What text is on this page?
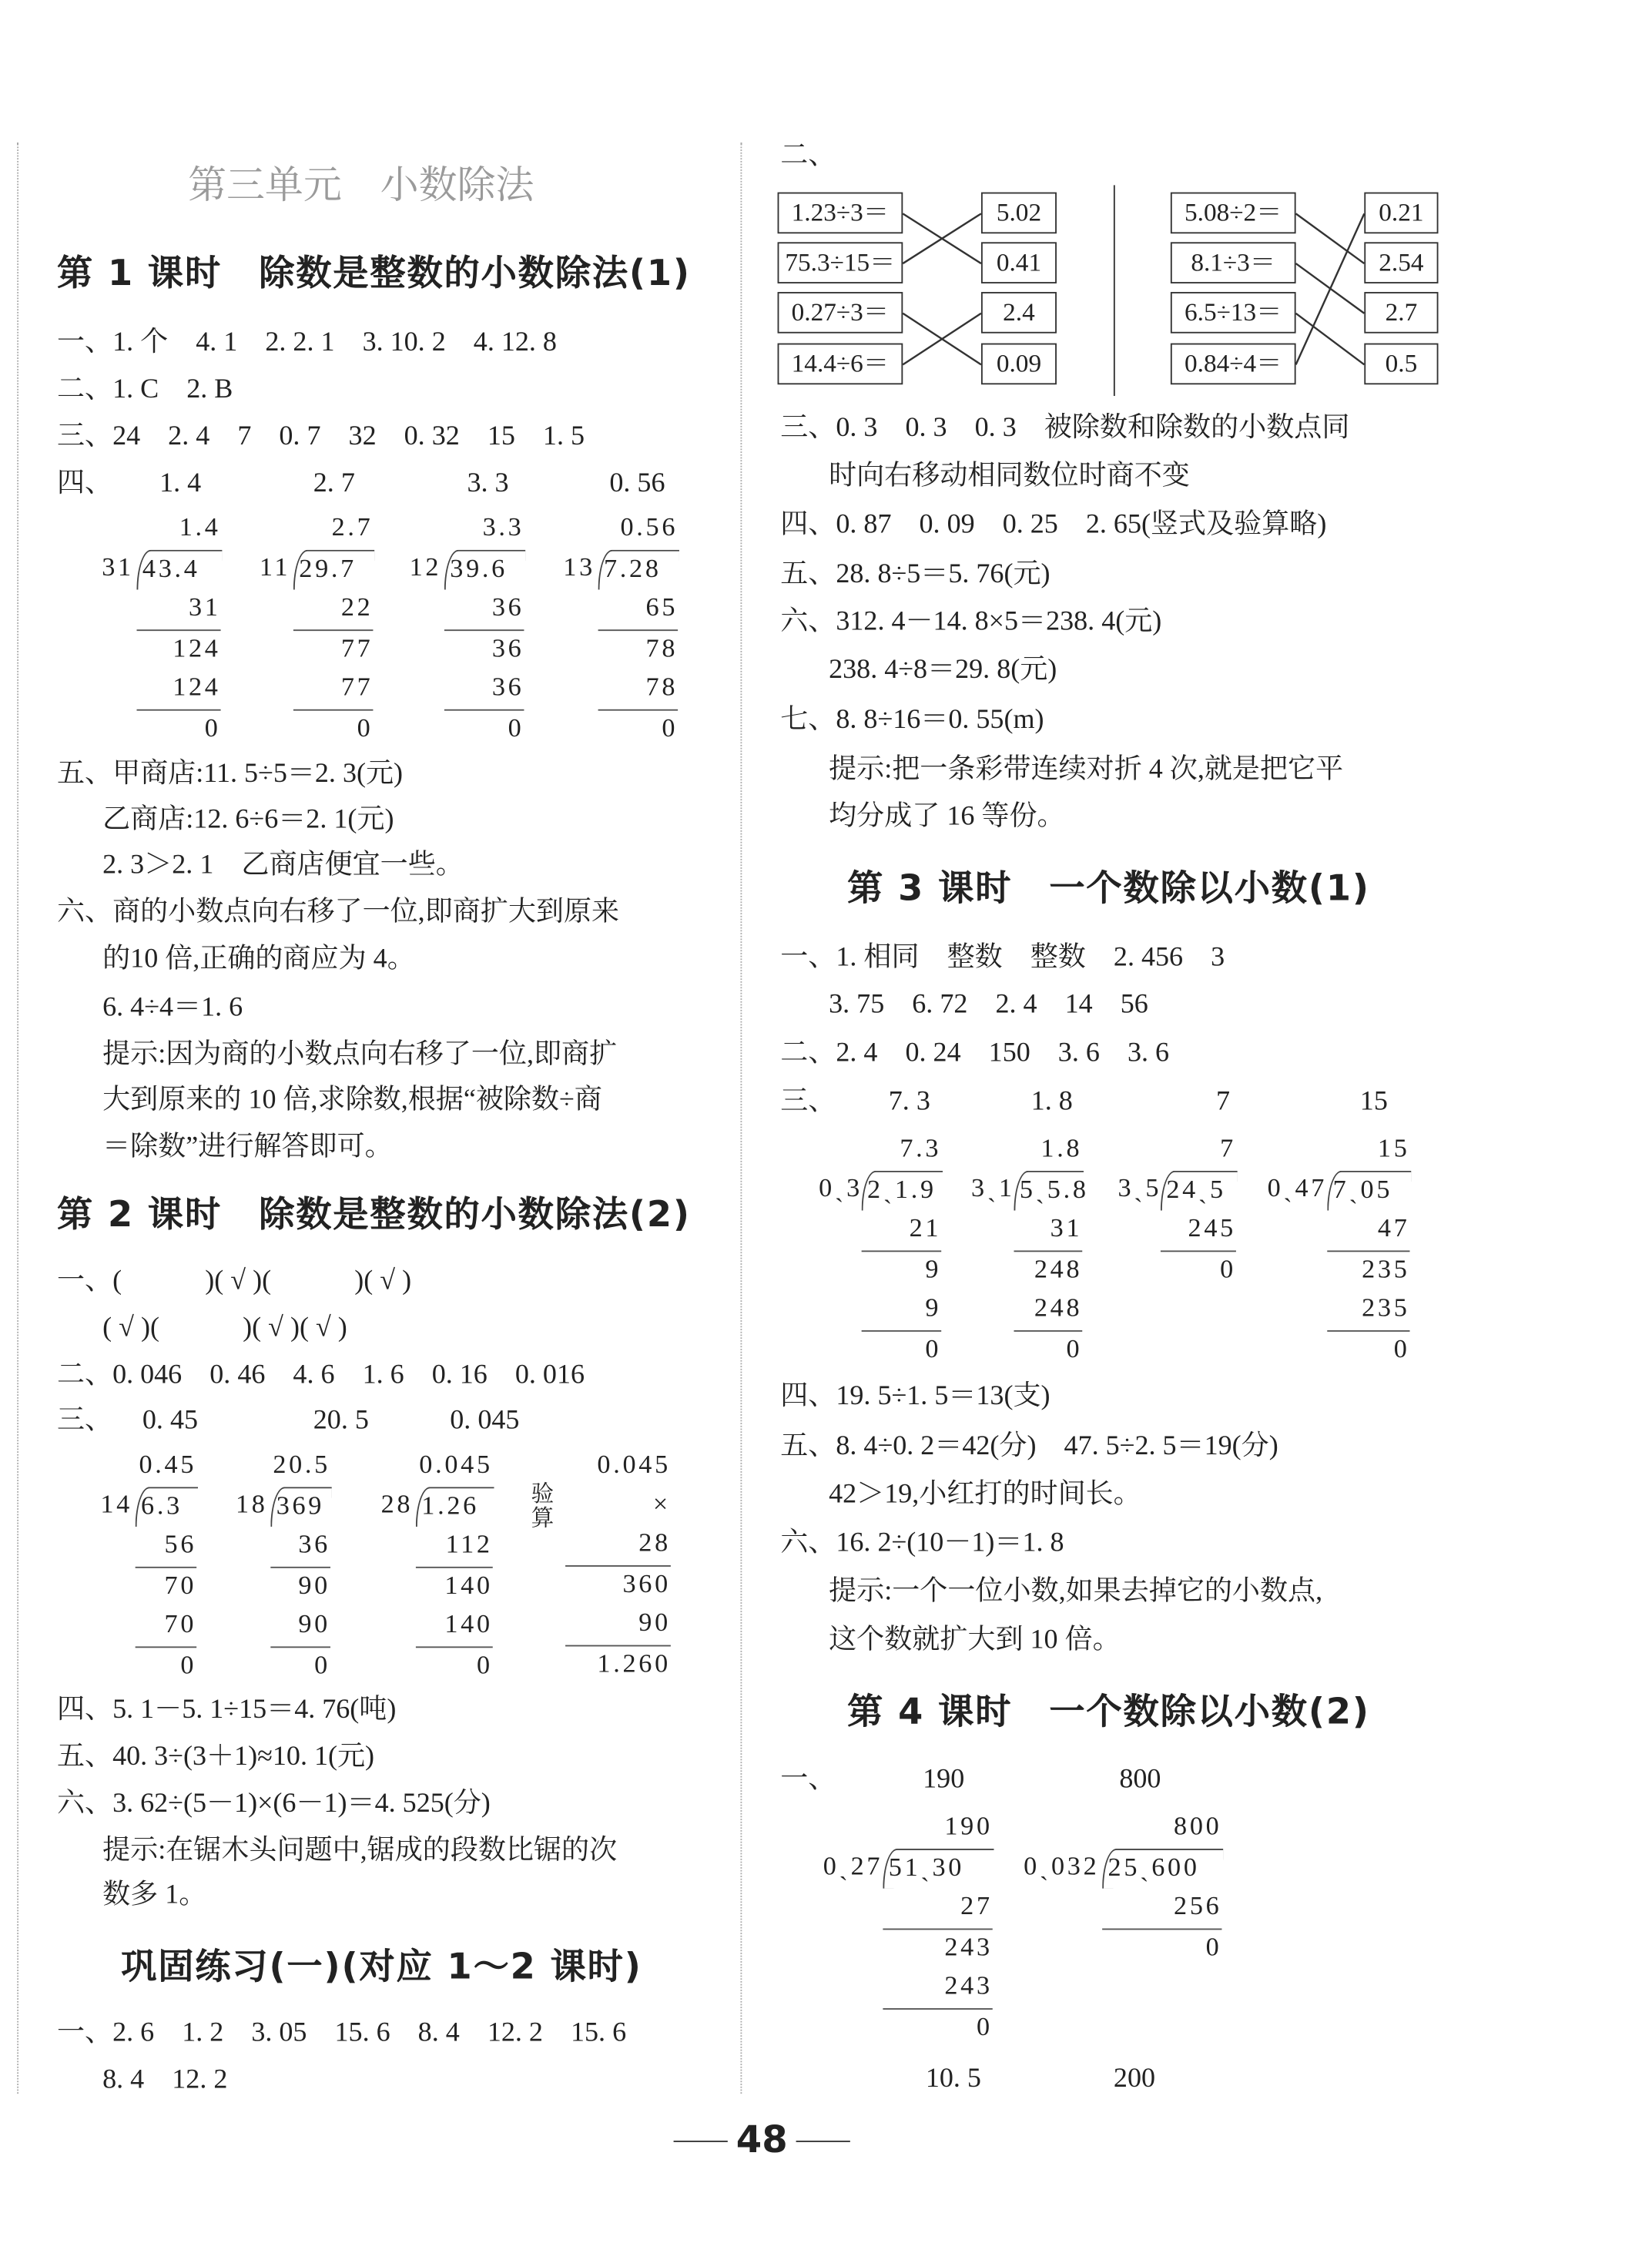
第三单元　小数除法
第 1 课时　除数是整数的小数除法(1)
一、1. 个　4. 1　2. 2. 1　3. 10. 2　4. 12. 8
二、1. C　2. B
三、24　2. 4　7　0. 7　32　0. 32　15　1. 5
四、	1. 4	2. 7	3. 3	0. 56
1.4
31 43.4
31
124
124
0
2.7
11 29.7
22
77
77
0
3.3
12 39.6
36
36
36
0
0.56
13 7.28
65
78
78
0
五、甲商店:11. 5÷5＝2. 3(元)
乙商店:12. 6÷6＝2. 1(元)
2. 3＞2. 1　乙商店便宜一些。
六、商的小数点向右移了一位,即商扩大到原来
的10 倍,正确的商应为 4。
6. 4÷4＝1. 6
提示:因为商的小数点向右移了一位,即商扩
大到原来的 10 倍,求除数,根据“被除数÷商
＝除数”进行解答即可。
第 2 课时　除数是整数的小数除法(2)
一、(　　　)( √ )(　　　)( √ )
( √ )(　　　)( √ )( √ )
二、0. 046　0. 46　4. 6　1. 6　0. 16　0. 016
三、 0. 45	20. 5	0. 045
0.45
14 6.3
56
70
70
0
20.5
18 369
36
90
90
0
0.045
28 1.26
112
140
140
0
验算
0.045
×　　28
360
90
1.260
四、5. 1－5. 1÷15＝4. 76(吨)
五、40. 3÷(3＋1)≈10. 1(元)
六、3. 62÷(5－1)×(6－1)＝4. 525(分)
提示:在锯木头问题中,锯成的段数比锯的次
数多 1。
巩固练习(一)(对应 1～2 课时)
一、2. 6　1. 2　3. 05　15. 6　8. 4　12. 2　15. 6
8. 4　12. 2
二、
1.23÷3＝
75.3÷15＝
0.27÷3＝
14.4÷6＝
5.02
0.41
2.4
0.09
5.08÷2＝
8.1÷3＝
6.5÷13＝
0.84÷4＝
0.21
2.54
2.7
0.5
三、0. 3　0. 3　0. 3　被除数和除数的小数点同
时向右移动相同数位时商不变
四、0. 87　0. 09　0. 25　2. 65(竖式及验算略)
五、28. 8÷5＝5. 76(元)
六、312. 4－14. 8×5＝238. 4(元)
238. 4÷8＝29. 8(元)
七、8. 8÷16＝0. 55(m)
提示:把一条彩带连续对折 4 次,就是把它平
均分成了 16 等份。
第 3 课时　一个数除以小数(1)
一、1. 相同　整数　整数　2. 456　3
3. 75　6. 72　2. 4　14　56
二、2. 4　0. 24　150　3. 6　3. 6
三、	7. 3	1. 8	7	15
7.3
0ˎ3 2ˎ1.9
21
9
9
0
1.8
3ˎ1 5ˎ5.8
31
248
248
0
7
3ˎ5 24ˎ5
245
0
15
0ˎ47 7ˎ05
47
235
235
0
四、19. 5÷1. 5＝13(支)
五、8. 4÷0. 2＝42(分)　47. 5÷2. 5＝19(分)
42＞19,小红打的时间长。
六、16. 2÷(10－1)＝1. 8
提示:一个一位小数,如果去掉它的小数点,
这个数就扩大到 10 倍。
第 4 课时　一个数除以小数(2)
一、	190	800
190
0ˎ27 51ˎ30
27
243
243
0
800
0ˎ032 25ˎ600
256
0
10. 5	200
48
